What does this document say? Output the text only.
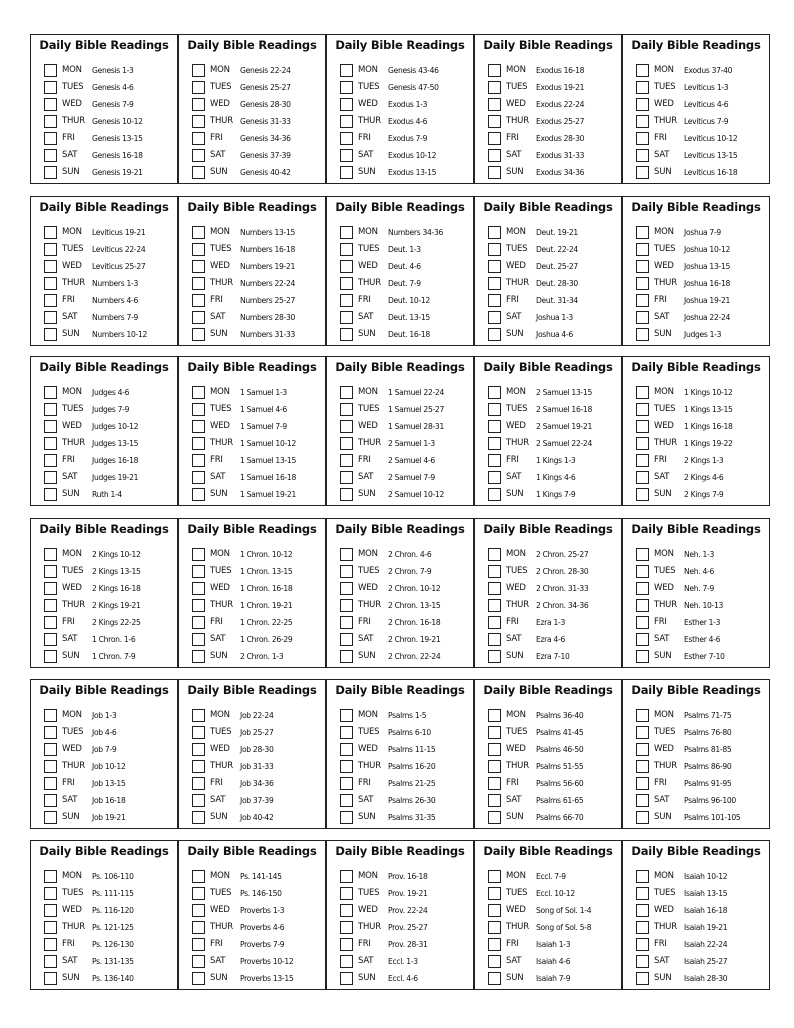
Daily Bible Readings
MON Genesis 1-3
TUES Genesis 4-6
WED Genesis 7-9
THUR Genesis 10-12
FRI Genesis 13-15
SAT Genesis 16-18
SUN Genesis 19-21
Daily Bible Readings
MON Genesis 22-24
TUES Genesis 25-27
WED Genesis 28-30
THUR Genesis 31-33
FRI Genesis 34-36
SAT Genesis 37-39
SUN Genesis 40-42
Daily Bible Readings
MON Genesis 43-46
TUES Genesis 47-50
WED Exodus 1-3
THUR Exodus 4-6
FRI Exodus 7-9
SAT Exodus 10-12
SUN Exodus 13-15
Daily Bible Readings
MON Exodus 16-18
TUES Exodus 19-21
WED Exodus 22-24
THUR Exodus 25-27
FRI Exodus 28-30
SAT Exodus 31-33
SUN Exodus 34-36
Daily Bible Readings
MON Exodus 37-40
TUES Leviticus 1-3
WED Leviticus 4-6
THUR Leviticus 7-9
FRI Leviticus 10-12
SAT Leviticus 13-15
SUN Leviticus 16-18
Daily Bible Readings
MON Leviticus 19-21
TUES Leviticus 22-24
WED Leviticus 25-27
THUR Numbers 1-3
FRI Numbers 4-6
SAT Numbers 7-9
SUN Numbers 10-12
Daily Bible Readings
MON Numbers 13-15
TUES Numbers 16-18
WED Numbers 19-21
THUR Numbers 22-24
FRI Numbers 25-27
SAT Numbers 28-30
SUN Numbers 31-33
Daily Bible Readings
MON Numbers 34-36
TUES Deut. 1-3
WED Deut. 4-6
THUR Deut. 7-9
FRI Deut. 10-12
SAT Deut. 13-15
SUN Deut. 16-18
Daily Bible Readings
MON Deut. 19-21
TUES Deut. 22-24
WED Deut. 25-27
THUR Deut. 28-30
FRI Deut. 31-34
SAT Joshua 1-3
SUN Joshua 4-6
Daily Bible Readings
MON Joshua 7-9
TUES Joshua 10-12
WED Joshua 13-15
THUR Joshua 16-18
FRI Joshua 19-21
SAT Joshua 22-24
SUN Judges 1-3
Daily Bible Readings
MON Judges 4-6
TUES Judges 7-9
WED Judges 10-12
THUR Judges 13-15
FRI Judges 16-18
SAT Judges 19-21
SUN Ruth 1-4
Daily Bible Readings
MON 1 Samuel 1-3
TUES 1 Samuel 4-6
WED 1 Samuel 7-9
THUR 1 Samuel 10-12
FRI 1 Samuel 13-15
SAT 1 Samuel 16-18
SUN 1 Samuel 19-21
Daily Bible Readings
MON 1 Samuel 22-24
TUES 1 Samuel 25-27
WED 1 Samuel 28-31
THUR 2 Samuel 1-3
FRI 2 Samuel 4-6
SAT 2 Samuel 7-9
SUN 2 Samuel 10-12
Daily Bible Readings
MON 2 Samuel 13-15
TUES 2 Samuel 16-18
WED 2 Samuel 19-21
THUR 2 Samuel 22-24
FRI 1 Kings 1-3
SAT 1 Kings 4-6
SUN 1 Kings 7-9
Daily Bible Readings
MON 1 Kings 10-12
TUES 1 Kings 13-15
WED 1 Kings 16-18
THUR 1 Kings 19-22
FRI 2 Kings 1-3
SAT 2 Kings 4-6
SUN 2 Kings 7-9
Daily Bible Readings
MON 2 Kings 10-12
TUES 2 Kings 13-15
WED 2 Kings 16-18
THUR 2 Kings 19-21
FRI 2 Kings 22-25
SAT 1 Chron. 1-6
SUN 1 Chron. 7-9
Daily Bible Readings
MON 1 Chron. 10-12
TUES 1 Chron. 13-15
WED 1 Chron. 16-18
THUR 1 Chron. 19-21
FRI 1 Chron. 22-25
SAT 1 Chron. 26-29
SUN 2 Chron. 1-3
Daily Bible Readings
MON 2 Chron. 4-6
TUES 2 Chron. 7-9
WED 2 Chron. 10-12
THUR 2 Chron. 13-15
FRI 2 Chron. 16-18
SAT 2 Chron. 19-21
SUN 2 Chron. 22-24
Daily Bible Readings
MON 2 Chron. 25-27
TUES 2 Chron. 28-30
WED 2 Chron. 31-33
THUR 2 Chron. 34-36
FRI Ezra 1-3
SAT Ezra 4-6
SUN Ezra 7-10
Daily Bible Readings
MON Neh. 1-3
TUES Neh. 4-6
WED Neh. 7-9
THUR Neh. 10-13
FRI Esther 1-3
SAT Esther 4-6
SUN Esther 7-10
Daily Bible Readings
MON Job 1-3
TUES Job 4-6
WED Job 7-9
THUR Job 10-12
FRI Job 13-15
SAT Job 16-18
SUN Job 19-21
Daily Bible Readings
MON Job 22-24
TUES Job 25-27
WED Job 28-30
THUR Job 31-33
FRI Job 34-36
SAT Job 37-39
SUN Job 40-42
Daily Bible Readings
MON Psalms 1-5
TUES Psalms 6-10
WED Psalms 11-15
THUR Psalms 16-20
FRI Psalms 21-25
SAT Psalms 26-30
SUN Psalms 31-35
Daily Bible Readings
MON Psalms 36-40
TUES Psalms 41-45
WED Psalms 46-50
THUR Psalms 51-55
FRI Psalms 56-60
SAT Psalms 61-65
SUN Psalms 66-70
Daily Bible Readings
MON Psalms 71-75
TUES Psalms 76-80
WED Psalms 81-85
THUR Psalms 86-90
FRI Psalms 91-95
SAT Psalms 96-100
SUN Psalms 101-105
Daily Bible Readings
MON Ps. 106-110
TUES Ps. 111-115
WED Ps. 116-120
THUR Ps. 121-125
FRI Ps. 126-130
SAT Ps. 131-135
SUN Ps. 136-140
Daily Bible Readings
MON Ps. 141-145
TUES Ps. 146-150
WED Proverbs 1-3
THUR Proverbs 4-6
FRI Proverbs 7-9
SAT Proverbs 10-12
SUN Proverbs 13-15
Daily Bible Readings
MON Prov. 16-18
TUES Prov. 19-21
WED Prov. 22-24
THUR Prov. 25-27
FRI Prov. 28-31
SAT Eccl. 1-3
SUN Eccl. 4-6
Daily Bible Readings
MON Eccl. 7-9
TUES Eccl. 10-12
WED Song of Sol. 1-4
THUR Song of Sol. 5-8
FRI Isaiah 1-3
SAT Isaiah 4-6
SUN Isaiah 7-9
Daily Bible Readings
MON Isaiah 10-12
TUES Isaiah 13-15
WED Isaiah 16-18
THUR Isaiah 19-21
FRI Isaiah 22-24
SAT Isaiah 25-27
SUN Isaiah 28-30
